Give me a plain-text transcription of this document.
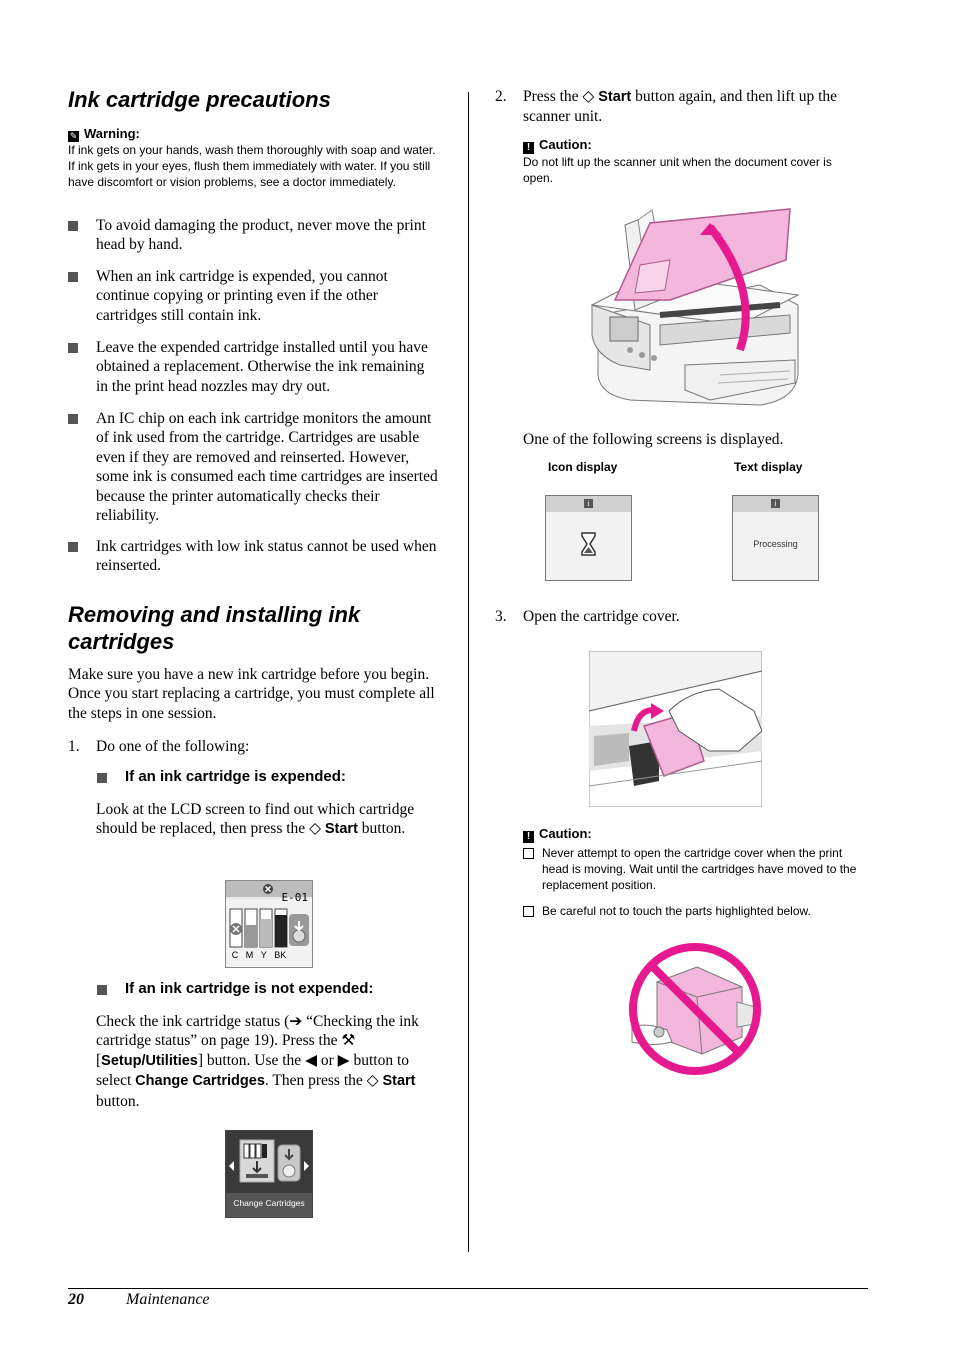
Ink cartridge precautions
✎ Warning:
If ink gets on your hands, wash them thoroughly with soap and water. If ink gets in your eyes, flush them immediately with water. If you still have discomfort or vision problems, see a doctor immediately.
To avoid damaging the product, never move the print head by hand.
When an ink cartridge is expended, you cannot continue copying or printing even if the other cartridges still contain ink.
Leave the expended cartridge installed until you have obtained a replacement. Otherwise the ink remaining in the print head nozzles may dry out.
An IC chip on each ink cartridge monitors the amount of ink used from the cartridge. Cartridges are usable even if they are removed and reinserted. However, some ink is consumed each time cartridges are inserted because the printer automatically checks their reliability.
Ink cartridges with low ink status cannot be used when reinserted.
Removing and installing ink cartridges
Make sure you have a new ink cartridge before you begin. Once you start replacing a cartridge, you must complete all the steps in one session.
1. Do one of the following:
If an ink cartridge is expended:
Look at the LCD screen to find out which cartridge should be replaced, then press the ◇ Start button.
E-01
C M Y BK
If an ink cartridge is not expended:
Check the ink cartridge status (➔ “Checking the ink cartridge status” on page 19). Press the ⚒ [Setup/Utilities] button. Use the ◀ or ▶ button to select Change Cartridges. Then press the ◇ Start button.
Change Cartridges
2. Press the ◇ Start button again, and then lift up the scanner unit.
! Caution:
Do not lift up the scanner unit when the document cover is open.
One of the following screens is displayed.
Icon display	Text display
i	i
Processing
3. Open the cartridge cover.
! Caution:
Never attempt to open the cartridge cover when the print head is moving. Wait until the cartridges have moved to the replacement position.
Be careful not to touch the parts highlighted below.
20	Maintenance
